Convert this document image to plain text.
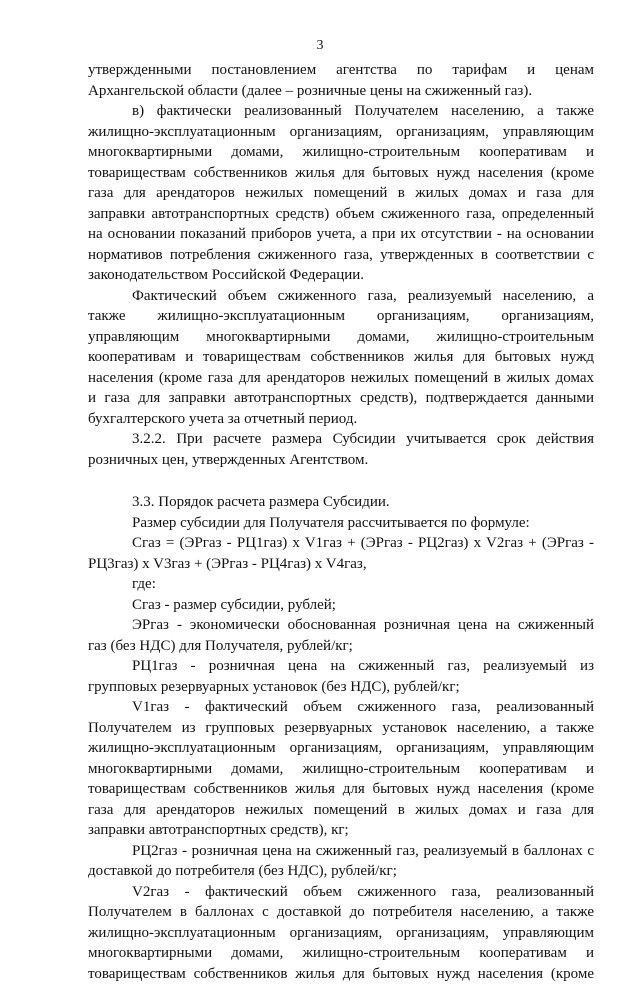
3
утвержденными постановлением агентства по тарифам и ценам
Архангельской области (далее – розничные цены на сжиженный газ).
в) фактически реализованный Получателем населению, а также
жилищно-эксплуатационным организациям, организациям, управляющим
многоквартирными домами, жилищно-строительным кооперативам и
товариществам собственников жилья для бытовых нужд населения (кроме
газа для арендаторов нежилых помещений в жилых домах и газа для
заправки автотранспортных средств) объем сжиженного газа, определенный
на основании показаний приборов учета, а при их отсутствии - на основании
нормативов потребления сжиженного газа, утвержденных в соответствии с
законодательством Российской Федерации.
Фактический объем сжиженного газа, реализуемый населению, а
также жилищно-эксплуатационным организациям, организациям,
управляющим многоквартирными домами, жилищно-строительным
кооперативам и товариществам собственников жилья для бытовых нужд
населения (кроме газа для арендаторов нежилых помещений в жилых домах
и газа для заправки автотранспортных средств), подтверждается данными
бухгалтерского учета за отчетный период.
3.2.2. При расчете размера Субсидии учитывается срок действия
розничных цен, утвержденных Агентством.
3.3. Порядок расчета размера Субсидии.
Размер субсидии для Получателя рассчитывается по формуле:
Сгаз = (ЭРгаз - РЦ1газ) x V1газ + (ЭРгаз - РЦ2газ) x V2газ + (ЭРгаз -
РЦ3газ) x V3газ + (ЭРгаз - РЦ4газ) x V4газ,
где:
Сгаз - размер субсидии, рублей;
ЭРгаз - экономически обоснованная розничная цена на сжиженный
газ (без НДС) для Получателя, рублей/кг;
РЦ1газ - розничная цена на сжиженный газ, реализуемый из
групповых резервуарных установок (без НДС), рублей/кг;
V1газ - фактический объем сжиженного газа, реализованный
Получателем из групповых резервуарных установок населению, а также
жилищно-эксплуатационным организациям, организациям, управляющим
многоквартирными домами, жилищно-строительным кооперативам и
товариществам собственников жилья для бытовых нужд населения (кроме
газа для арендаторов нежилых помещений в жилых домах и газа для
заправки автотранспортных средств), кг;
РЦ2газ - розничная цена на сжиженный газ, реализуемый в баллонах с
доставкой до потребителя (без НДС), рублей/кг;
V2газ - фактический объем сжиженного газа, реализованный
Получателем в баллонах с доставкой до потребителя населению, а также
жилищно-эксплуатационным организациям, организациям, управляющим
многоквартирными домами, жилищно-строительным кооперативам и
товариществам собственников жилья для бытовых нужд населения (кроме
